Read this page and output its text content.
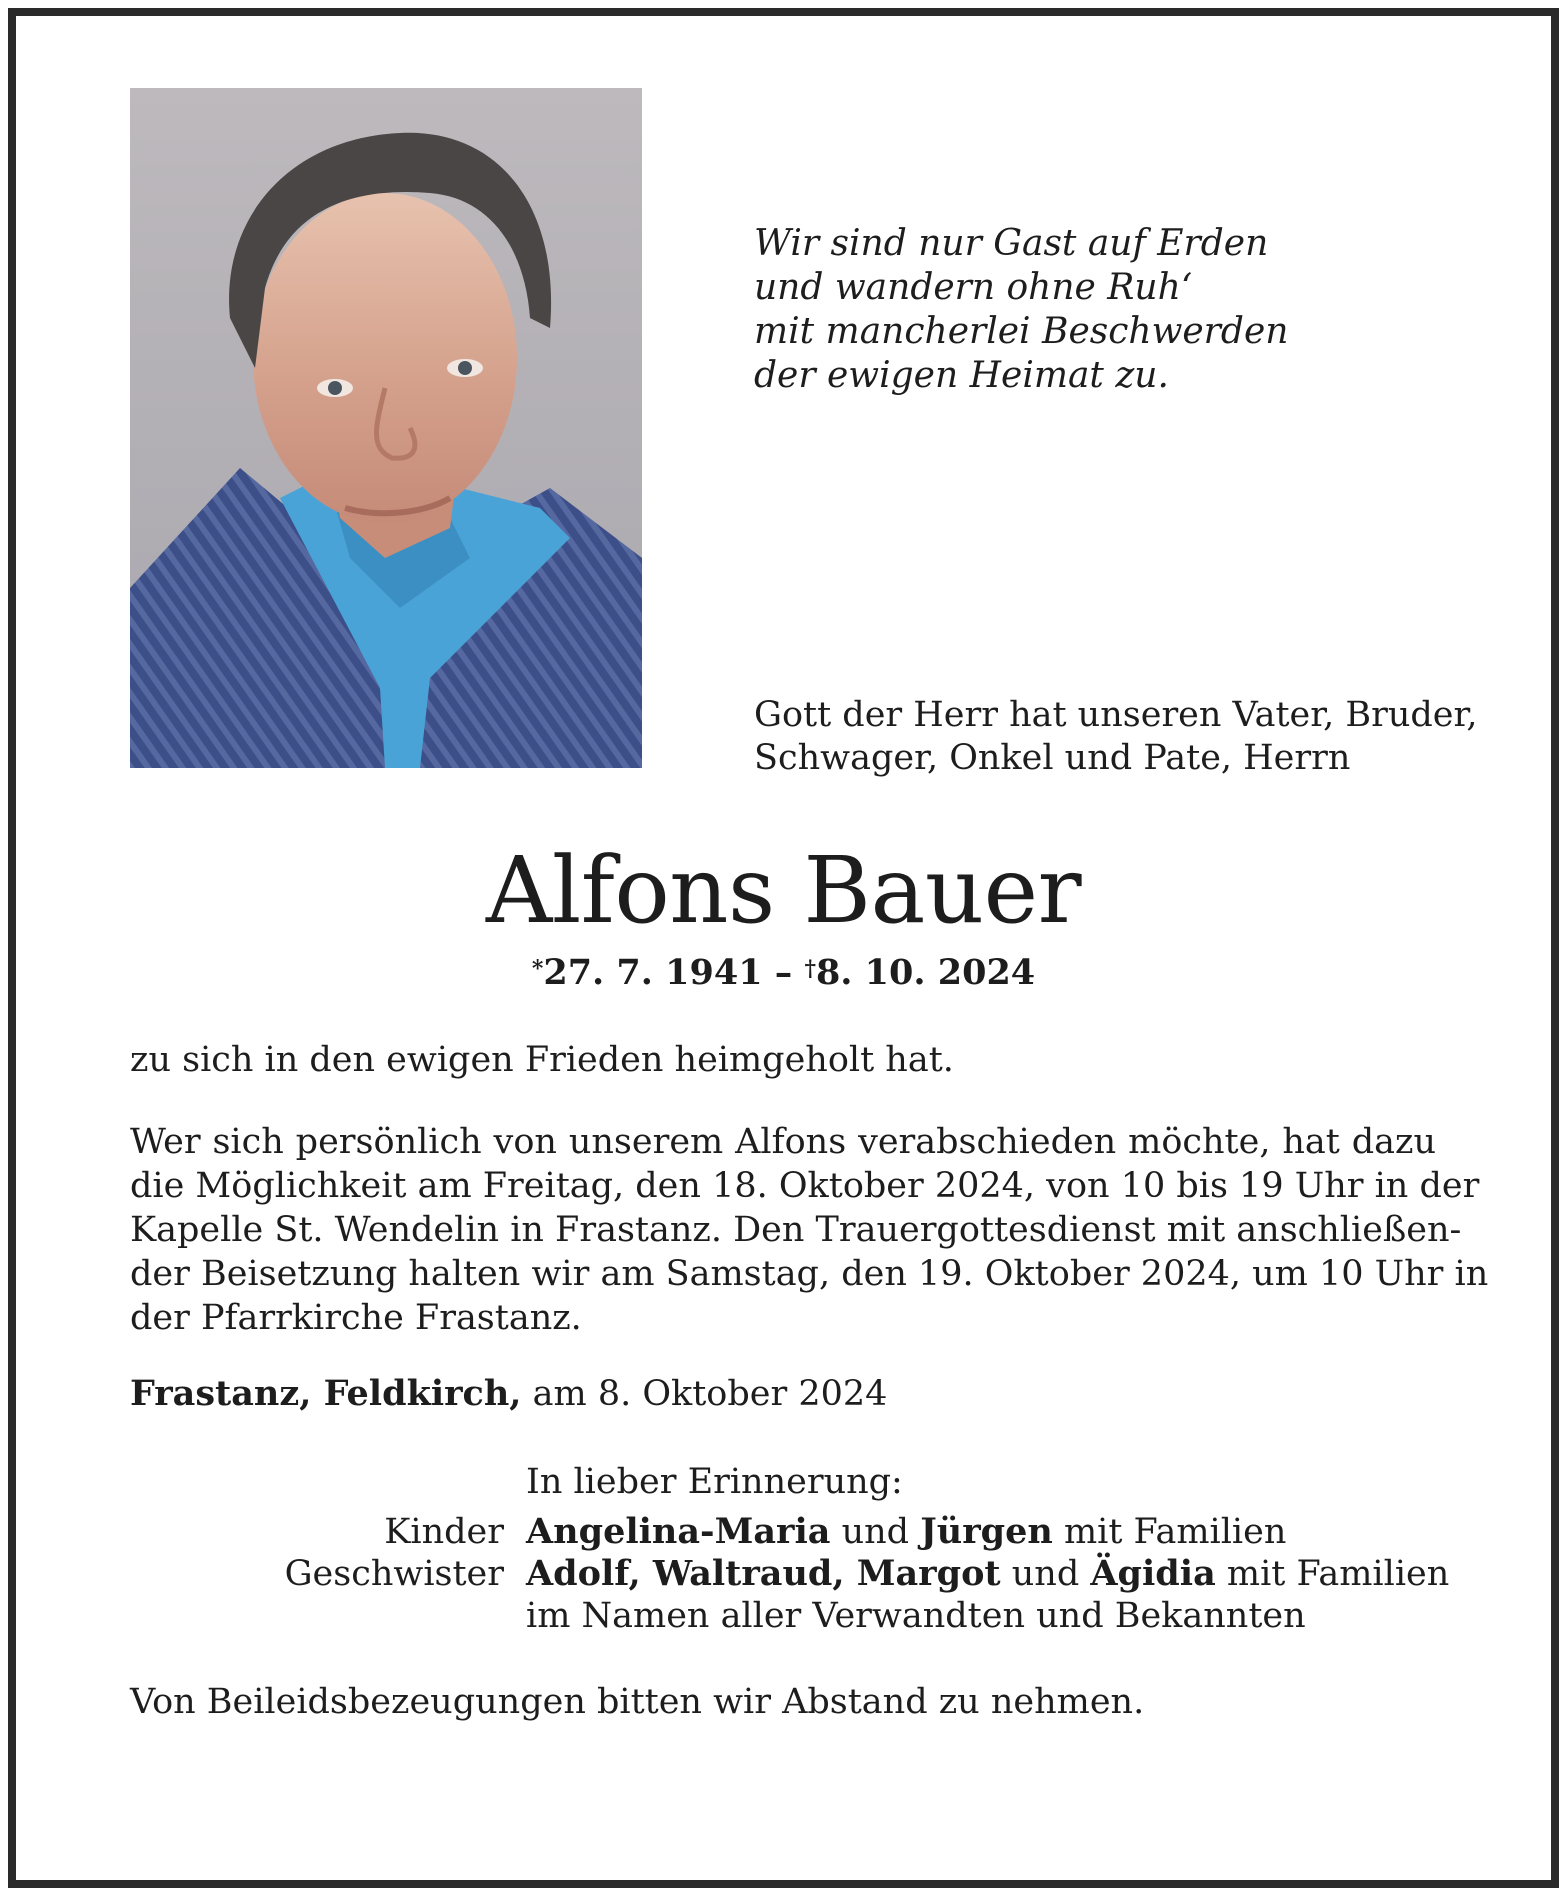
Wir sind nur Gast auf Erden
und wandern ohne Ruh‘
mit mancherlei Beschwerden
der ewigen Heimat zu.
Gott der Herr hat unseren Vater, Bruder,
Schwager, Onkel und Pate, Herrn
Alfons Bauer
*27. 7. 1941 – †8. 10. 2024
zu sich in den ewigen Frieden heimgeholt hat.
Wer sich persönlich von unserem Alfons verabschieden möchte, hat dazu
die Möglichkeit am Freitag, den 18. Oktober 2024, von 10 bis 19 Uhr in der
Kapelle St. Wendelin in Frastanz. Den Trauergottesdienst mit anschließen-
der Beisetzung halten wir am Samstag, den 19. Oktober 2024, um 10 Uhr in
der Pfarrkirche Frastanz.
Frastanz, Feldkirch, am 8. Oktober 2024
In lieber Erinnerung:
Kinder Angelina-Maria und Jürgen mit Familien
Geschwister Adolf, Waltraud, Margot und Ägidia mit Familien
im Namen aller Verwandten und Bekannten
Von Beileidsbezeugungen bitten wir Abstand zu nehmen.
